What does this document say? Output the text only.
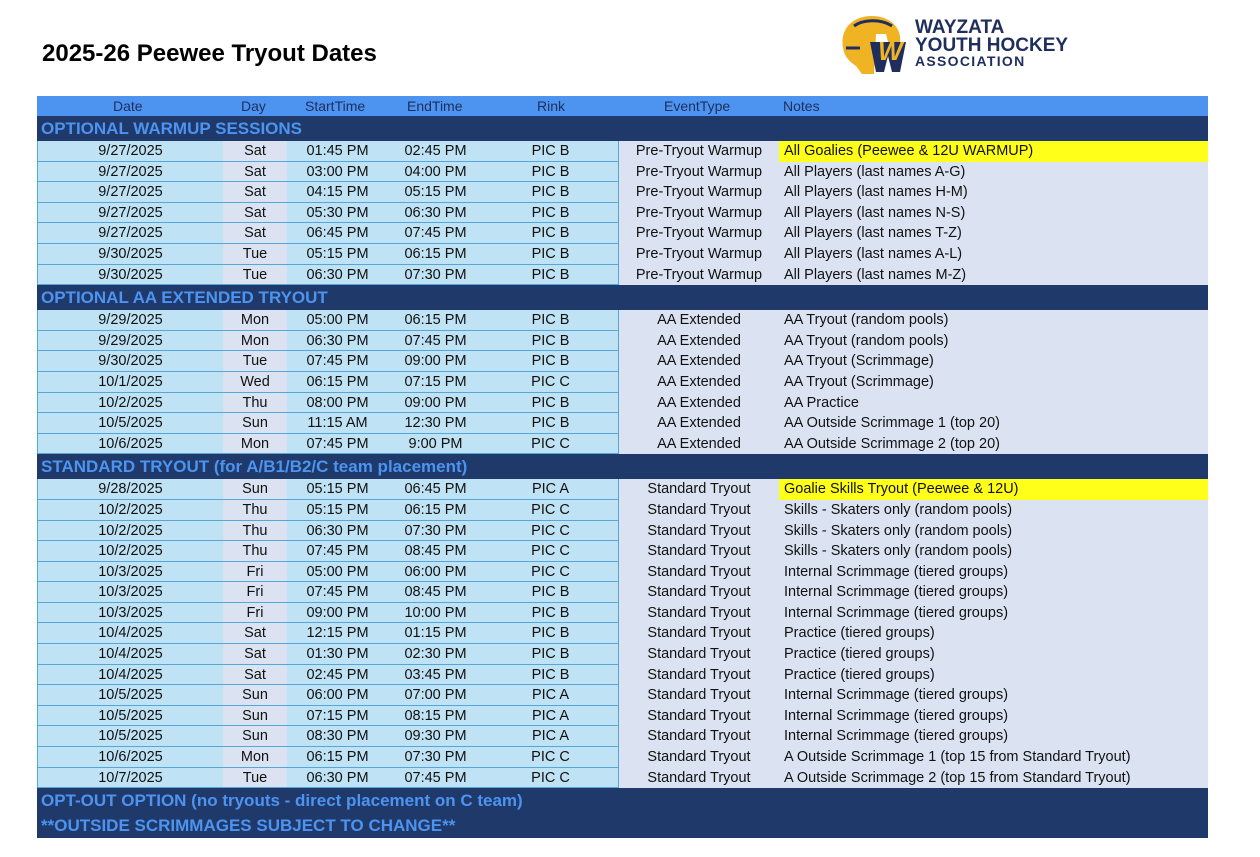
2025-26 Peewee Tryout Dates	W
WAYZATA
YOUTH HOCKEY
ASSOCIATION
Date	Day	StartTime	EndTime	Rink	EventType	Notes
OPTIONAL WARMUP SESSIONS
9/27/2025	Sat	01:45 PM	02:45 PM	PIC B	Pre-Tryout Warmup	All Goalies (Peewee & 12U WARMUP)
9/27/2025	Sat	03:00 PM	04:00 PM	PIC B	Pre-Tryout Warmup	All Players (last names A-G)
9/27/2025	Sat	04:15 PM	05:15 PM	PIC B	Pre-Tryout Warmup	All Players (last names H-M)
9/27/2025	Sat	05:30 PM	06:30 PM	PIC B	Pre-Tryout Warmup	All Players (last names N-S)
9/27/2025	Sat	06:45 PM	07:45 PM	PIC B	Pre-Tryout Warmup	All Players (last names T-Z)
9/30/2025	Tue	05:15 PM	06:15 PM	PIC B	Pre-Tryout Warmup	All Players (last names A-L)
9/30/2025	Tue	06:30 PM	07:30 PM	PIC B	Pre-Tryout Warmup	All Players (last names M-Z)
OPTIONAL AA EXTENDED TRYOUT
9/29/2025	Mon	05:00 PM	06:15 PM	PIC B	AA Extended	AA Tryout (random pools)
9/29/2025	Mon	06:30 PM	07:45 PM	PIC B	AA Extended	AA Tryout (random pools)
9/30/2025	Tue	07:45 PM	09:00 PM	PIC B	AA Extended	AA Tryout (Scrimmage)
10/1/2025	Wed	06:15 PM	07:15 PM	PIC C	AA Extended	AA Tryout (Scrimmage)
10/2/2025	Thu	08:00 PM	09:00 PM	PIC B	AA Extended	AA Practice
10/5/2025	Sun	11:15 AM	12:30 PM	PIC B	AA Extended	AA Outside Scrimmage 1 (top 20)
10/6/2025	Mon	07:45 PM	9:00 PM	PIC C	AA Extended	AA Outside Scrimmage 2 (top 20)
STANDARD TRYOUT (for A/B1/B2/C team placement)
9/28/2025	Sun	05:15 PM	06:45 PM	PIC A	Standard Tryout	Goalie Skills Tryout (Peewee & 12U)
10/2/2025	Thu	05:15 PM	06:15 PM	PIC C	Standard Tryout	Skills - Skaters only (random pools)
10/2/2025	Thu	06:30 PM	07:30 PM	PIC C	Standard Tryout	Skills - Skaters only (random pools)
10/2/2025	Thu	07:45 PM	08:45 PM	PIC C	Standard Tryout	Skills - Skaters only (random pools)
10/3/2025	Fri	05:00 PM	06:00 PM	PIC C	Standard Tryout	Internal Scrimmage (tiered groups)
10/3/2025	Fri	07:45 PM	08:45 PM	PIC B	Standard Tryout	Internal Scrimmage (tiered groups)
10/3/2025	Fri	09:00 PM	10:00 PM	PIC B	Standard Tryout	Internal Scrimmage (tiered groups)
10/4/2025	Sat	12:15 PM	01:15 PM	PIC B	Standard Tryout	Practice (tiered groups)
10/4/2025	Sat	01:30 PM	02:30 PM	PIC B	Standard Tryout	Practice (tiered groups)
10/4/2025	Sat	02:45 PM	03:45 PM	PIC B	Standard Tryout	Practice (tiered groups)
10/5/2025	Sun	06:00 PM	07:00 PM	PIC A	Standard Tryout	Internal Scrimmage (tiered groups)
10/5/2025	Sun	07:15 PM	08:15 PM	PIC A	Standard Tryout	Internal Scrimmage (tiered groups)
10/5/2025	Sun	08:30 PM	09:30 PM	PIC A	Standard Tryout	Internal Scrimmage (tiered groups)
10/6/2025	Mon	06:15 PM	07:30 PM	PIC C	Standard Tryout	A Outside Scrimmage 1 (top 15 from Standard Tryout)
10/7/2025	Tue	06:30 PM	07:45 PM	PIC C	Standard Tryout	A Outside Scrimmage 2 (top 15 from Standard Tryout)
OPT-OUT OPTION (no tryouts - direct placement on C team)
**OUTSIDE SCRIMMAGES SUBJECT TO CHANGE**
